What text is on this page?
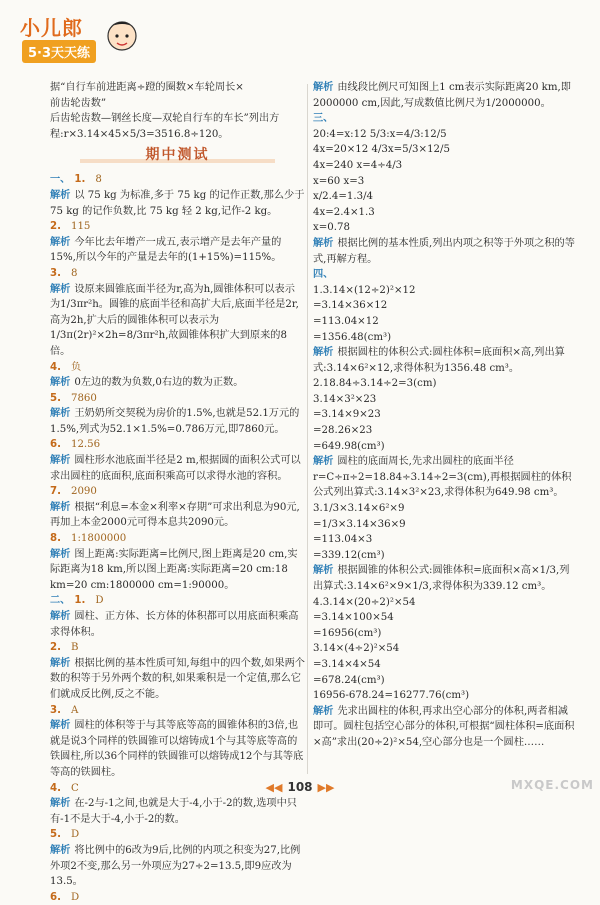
小儿郎
5·3天天练

据“自行车前进距离÷蹬的圈数×车轮周长×

前齿轮齿数”

后齿轮齿数—钢丝长度—双轮自行车的车长”列出方

程:r×3.14×45×5/3=3516.8÷120。

期中测试

一、 1. 8

解析 以 75 kg 为标准,多于 75 kg 的记作正数,那么少于 75 kg 的记作负数,比 75 kg 轻 2 kg,记作-2 kg。

2. 115

解析 今年比去年增产一成五,表示增产是去年产量的15%,所以今年的产量是去年的(1+15%)=115%。

3. 8

解析 设原来圆锥底面半径为r,高为h,圆锥体积可以表示为1/3πr²h。圆锥的底面半径和高扩大后,底面半径是2r,高为2h,扩大后的圆锥体积可以表示为1/3π(2r)²×2h=8/3πr²h,故圆锥体积扩大到原来的8倍。

4. 负

解析 0左边的数为负数,0右边的数为正数。

5. 7860

解析 王奶奶所交契税为房价的1.5%,也就是52.1万元的1.5%,列式为52.1×1.5%=0.786万元,即7860元。

6. 12.56

解析 圆柱形水池底面半径是2 m,根据圆的面积公式可以求出圆柱的底面积,底面积乘高可以求得水池的容积。

7. 2090

解析 根据“利息=本金×利率×存期”可求出利息为90元,再加上本金2000元可得本息共2090元。

8. 1:1800000

解析 图上距离:实际距离=比例尺,图上距离是20 cm,实际距离为18 km,所以图上距离:实际距离=20 cm:18 km=20 cm:1800000 cm=1:90000。

二、 1. D

解析 圆柱、正方体、长方体的体积都可以用底面积乘高求得体积。

2. B

解析 根据比例的基本性质可知,每组中的四个数,如果两个数的积等于另外两个数的积,如果乘积是一个定值,那么它们就成反比例,反之不能。

3. A

解析 圆柱的体积等于与其等底等高的圆锥体积的3倍,也就是说3个同样的铁圆锥可以熔铸成1个与其等底等高的铁圆柱,所以36个同样的铁圆锥可以熔铸成12个与其等底等高的铁圆柱。

4. C

解析 在-2与-1之间,也就是大于-4,小于-2的数,选项中只有-1不是大于-4,小于-2的数。

5. D

解析 将比例中的6改为9后,比例的内项之积变为27,比例外项2不变,那么另一外项应为27÷2=13.5,即9应改为13.5。

6. D

解析 由线段比例尺可知图上1 cm表示实际距离20 km,即2000000 cm,因此,写成数值比例尺为1/2000000。

三、

20:4=x:12 5/3:x=4/3:12/5

4x=20×12 4/3x=5/3×12/5

4x=240 x=4÷4/3

x=60 x=3

x/2.4=1.3/4

4x=2.4×1.3

x=0.78

解析 根据比例的基本性质,列出内项之积等于外项之积的等式,再解方程。

四、

1.3.14×(12÷2)²×12

=3.14×36×12

=113.04×12

=1356.48(cm³)

解析 根据圆柱的体积公式:圆柱体积=底面积×高,列出算式:3.14×6²×12,求得体积为1356.48 cm³。

2.18.84÷3.14÷2=3(cm)

3.14×3²×23

=3.14×9×23

=28.26×23

=649.98(cm³)

解析 圆柱的底面周长,先求出圆柱的底面半径r=C÷π÷2=18.84÷3.14÷2=3(cm),再根据圆柱的体积公式列出算式:3.14×3²×23,求得体积为649.98 cm³。

3.1/3×3.14×6²×9

=1/3×3.14×36×9

=113.04×3

=339.12(cm³)

解析 根据圆锥的体积公式:圆锥体积=底面积×高×1/3,列出算式:3.14×6²×9×1/3,求得体积为339.12 cm³。

4.3.14×(20÷2)²×54

=3.14×100×54

=16956(cm³)

3.14×(4÷2)²×54

=3.14×4×54

=678.24(cm³)

16956-678.24=16277.76(cm³)

解析 先求出圆柱的体积,再求出空心部分的体积,两者相减即可。圆柱包括空心部分的体积,可根据“圆柱体积=底面积×高”求出(20÷2)²×54,空心部分也是一个圆柱……

◀◀ 108 ▶▶	MXQE.COM
